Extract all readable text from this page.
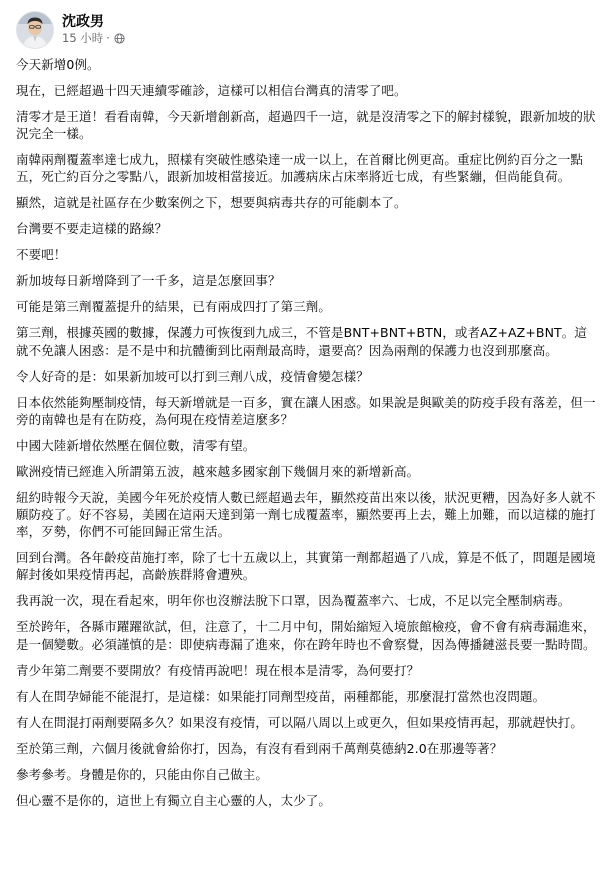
沈政男
15 小時 ·

今天新增0例。

現在，已經超過十四天連續零確診，這樣可以相信台灣真的清零了吧。

清零才是王道！看看南韓，今天新增創新高，超過四千一這，就是沒清零之下的解封樣貌，跟新加坡的狀況完全一樣。

南韓兩劑覆蓋率達七成九，照樣有突破性感染達一成一以上，在首爾比例更高。重症比例約百分之一點五，死亡約百分之零點八，跟新加坡相當接近。加護病床占床率將近七成，有些緊繃，但尚能負荷。

顯然，這就是社區存在少數案例之下，想要與病毒共存的可能劇本了。

台灣要不要走這樣的路線？

不要吧！

新加坡每日新增降到了一千多，這是怎麼回事？

可能是第三劑覆蓋提升的結果，已有兩成四打了第三劑。

第三劑，根據英國的數據，保護力可恢復到九成三，不管是BNT+BNT+BTN，或者AZ+AZ+BNT。這就不免讓人困惑：是不是中和抗體衝到比兩劑最高時，還要高？因為兩劑的保護力也沒到那麼高。

令人好奇的是：如果新加坡可以打到三劑八成，疫情會變怎樣？

日本依然能夠壓制疫情，每天新增就是一百多，實在讓人困惑。如果說是與歐美的防疫手段有落差，但一旁的南韓也是有在防疫，為何現在疫情差這麼多？

中國大陸新增依然壓在個位數，清零有望。

歐洲疫情已經進入所謂第五波，越來越多國家創下幾個月來的新增新高。

紐約時報今天說，美國今年死於疫情人數已經超過去年，顯然疫苗出來以後，狀況更糟，因為好多人就不願防疫了。好不容易，美國在這兩天達到第一劑七成覆蓋率，顯然要再上去，難上加難，而以這樣的施打率，歹勢，你們不可能回歸正常生活。

回到台灣。各年齡疫苗施打率，除了七十五歲以上，其實第一劑都超過了八成，算是不低了，問題是國境解封後如果疫情再起，高齡族群將會遭殃。

我再說一次，現在看起來，明年你也沒辦法脫下口罩，因為覆蓋率六、七成，不足以完全壓制病毒。

至於跨年，各縣市躍躍欲試，但，注意了，十二月中旬，開始縮短入境旅館檢疫，會不會有病毒漏進來，是一個變數。必須謹慎的是：即使病毒漏了進來，你在跨年時也不會察覺，因為傳播鏈滋長要一點時間。

青少年第二劑要不要開放？有疫情再說吧！現在根本是清零，為何要打？

有人在問孕婦能不能混打，是這樣：如果能打同劑型疫苗，兩種都能，那麼混打當然也沒問題。

有人在問混打兩劑要隔多久？如果沒有疫情，可以隔八周以上或更久，但如果疫情再起，那就趕快打。

至於第三劑，六個月後就會給你打，因為，有沒有看到兩千萬劑莫德納2.0在那邊等著？

參考參考。身體是你的，只能由你自己做主。

但心靈不是你的，這世上有獨立自主心靈的人，太少了。
